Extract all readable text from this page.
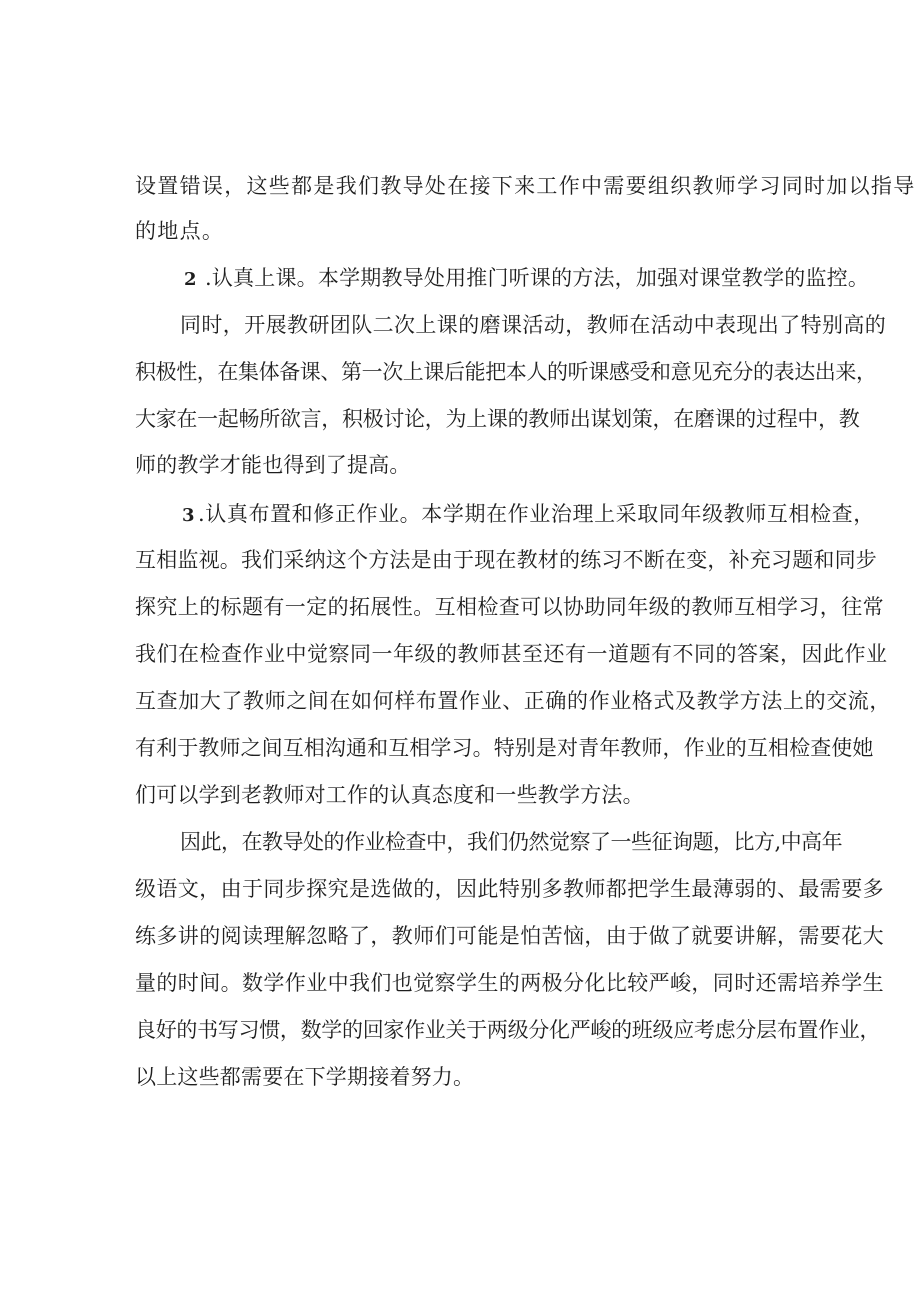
设置错误，这些都是我们教导处在接下来工作中需要组织教师学习同时加以指导

的地点。

2 .认真上课。本学期教导处用推门听课的方法，加强对课堂教学的监控。

同时，开展教研团队二次上课的磨课活动，教师在活动中表现出了特别高的

积极性，在集体备课、第一次上课后能把本人的听课感受和意见充分的表达出来，

大家在一起畅所欲言，积极讨论，为上课的教师出谋划策，在磨课的过程中，教

师的教学才能也得到了提高。

3 .认真布置和修正作业。本学期在作业治理上采取同年级教师互相检查，

互相监视。我们采纳这个方法是由于现在教材的练习不断在变，补充习题和同步

探究上的标题有一定的拓展性。互相检查可以协助同年级的教师互相学习，往常

我们在检查作业中觉察同一年级的教师甚至还有一道题有不同的答案，因此作业

互查加大了教师之间在如何样布置作业、正确的作业格式及教学方法上的交流，

有利于教师之间互相沟通和互相学习。特别是对青年教师，作业的互相检查使她

们可以学到老教师对工作的认真态度和一些教学方法。

因此，在教导处的作业检查中，我们仍然觉察了一些征询题，比方,中高年

级语文，由于同步探究是选做的，因此特别多教师都把学生最薄弱的、最需要多

练多讲的阅读理解忽略了，教师们可能是怕苦恼，由于做了就要讲解，需要花大

量的时间。数学作业中我们也觉察学生的两极分化比较严峻，同时还需培养学生

良好的书写习惯，数学的回家作业关于两级分化严峻的班级应考虑分层布置作业，

以上这些都需要在下学期接着努力。
